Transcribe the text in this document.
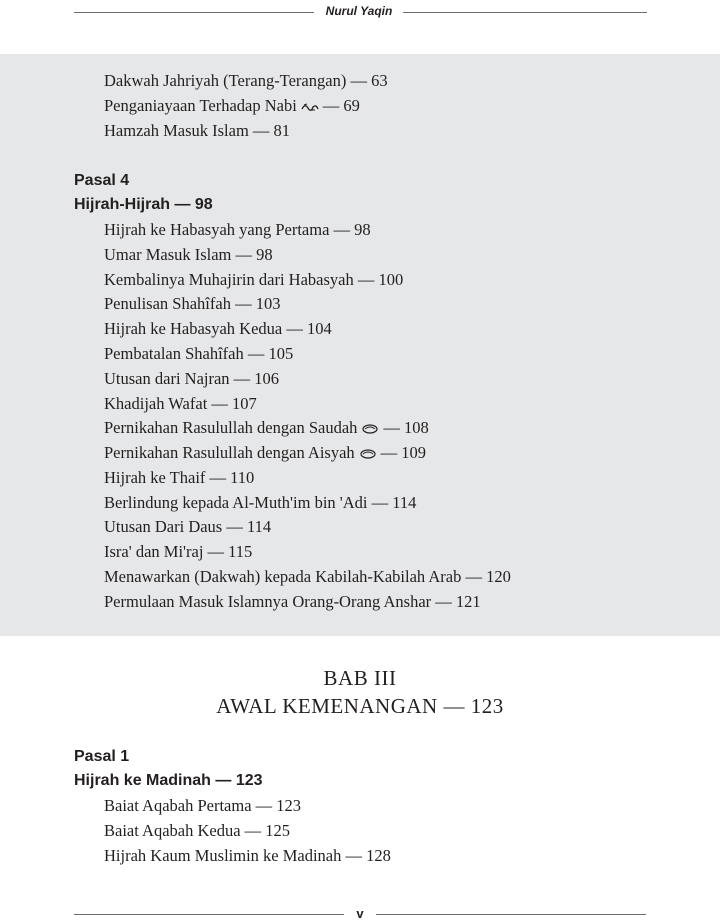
Nurul Yaqin
Dakwah Jahriyah (Terang-Terangan) — 63
Penganiayaan Terhadap Nabi — 69
Hamzah Masuk Islam — 81
Pasal 4
Hijrah-Hijrah — 98
Hijrah ke Habasyah yang Pertama — 98
Umar Masuk Islam — 98
Kembalinya Muhajirin dari Habasyah — 100
Penulisan Shahîfah — 103
Hijrah ke Habasyah Kedua — 104
Pembatalan Shahîfah — 105
Utusan dari Najran — 106
Khadijah Wafat — 107
Pernikahan Rasulullah dengan Saudah — 108
Pernikahan Rasulullah dengan Aisyah — 109
Hijrah ke Thaif — 110
Berlindung kepada Al-Muth'im bin 'Adi — 114
Utusan Dari Daus — 114
Isra' dan Mi'raj — 115
Menawarkan (Dakwah) kepada Kabilah-Kabilah Arab — 120
Permulaan Masuk Islamnya Orang-Orang Anshar — 121
BAB III
AWAL KEMENANGAN — 123
Pasal 1
Hijrah ke Madinah — 123
Baiat Aqabah Pertama — 123
Baiat Aqabah Kedua — 125
Hijrah Kaum Muslimin ke Madinah — 128
v
